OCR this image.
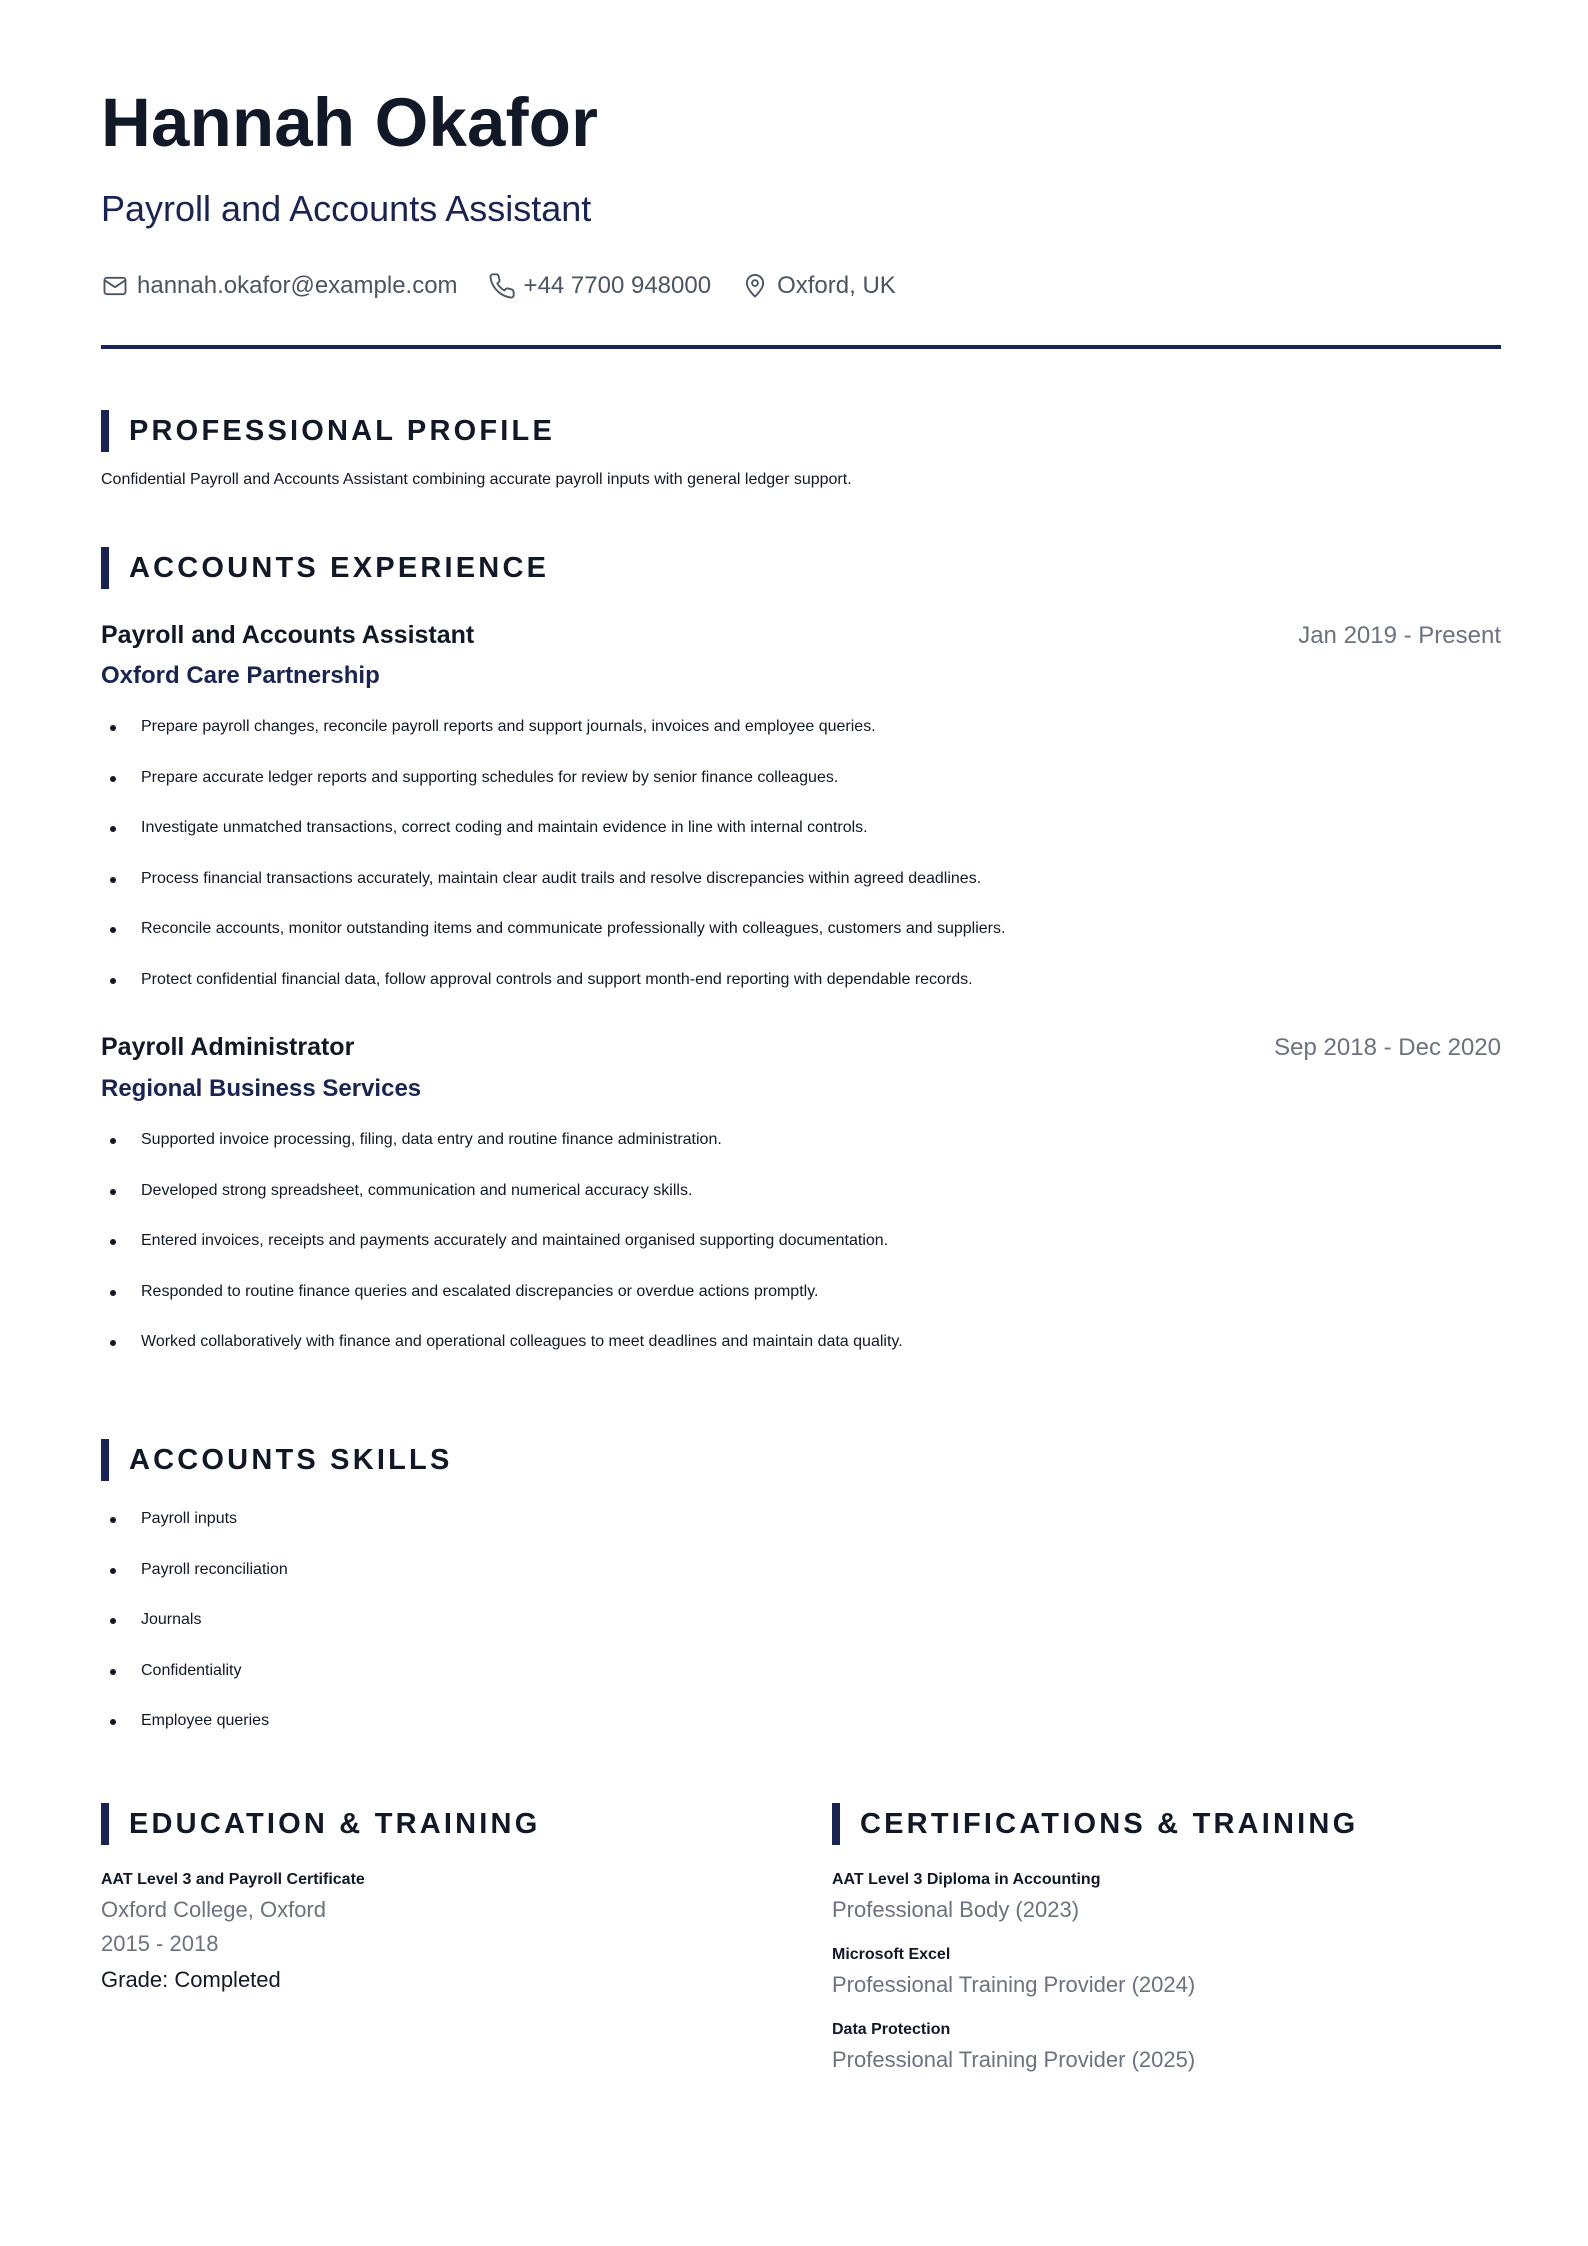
Hannah Okafor
Payroll and Accounts Assistant
hannah.okafor@example.com	+44 7700 948000	Oxford, UK
PROFESSIONAL PROFILE
Confidential Payroll and Accounts Assistant combining accurate payroll inputs with general ledger support.
ACCOUNTS EXPERIENCE
Payroll and Accounts Assistant	Jan 2019 - Present
Oxford Care Partnership
Prepare payroll changes, reconcile payroll reports and support journals, invoices and employee queries.
Prepare accurate ledger reports and supporting schedules for review by senior finance colleagues.
Investigate unmatched transactions, correct coding and maintain evidence in line with internal controls.
Process financial transactions accurately, maintain clear audit trails and resolve discrepancies within agreed deadlines.
Reconcile accounts, monitor outstanding items and communicate professionally with colleagues, customers and suppliers.
Protect confidential financial data, follow approval controls and support month-end reporting with dependable records.
Payroll Administrator	Sep 2018 - Dec 2020
Regional Business Services
Supported invoice processing, filing, data entry and routine finance administration.
Developed strong spreadsheet, communication and numerical accuracy skills.
Entered invoices, receipts and payments accurately and maintained organised supporting documentation.
Responded to routine finance queries and escalated discrepancies or overdue actions promptly.
Worked collaboratively with finance and operational colleagues to meet deadlines and maintain data quality.
ACCOUNTS SKILLS
Payroll inputs
Payroll reconciliation
Journals
Confidentiality
Employee queries
EDUCATION & TRAINING
AAT Level 3 and Payroll Certificate
Oxford College, Oxford
2015 - 2018
Grade: Completed
CERTIFICATIONS & TRAINING
AAT Level 3 Diploma in Accounting
Professional Body (2023)
Microsoft Excel
Professional Training Provider (2024)
Data Protection
Professional Training Provider (2025)
